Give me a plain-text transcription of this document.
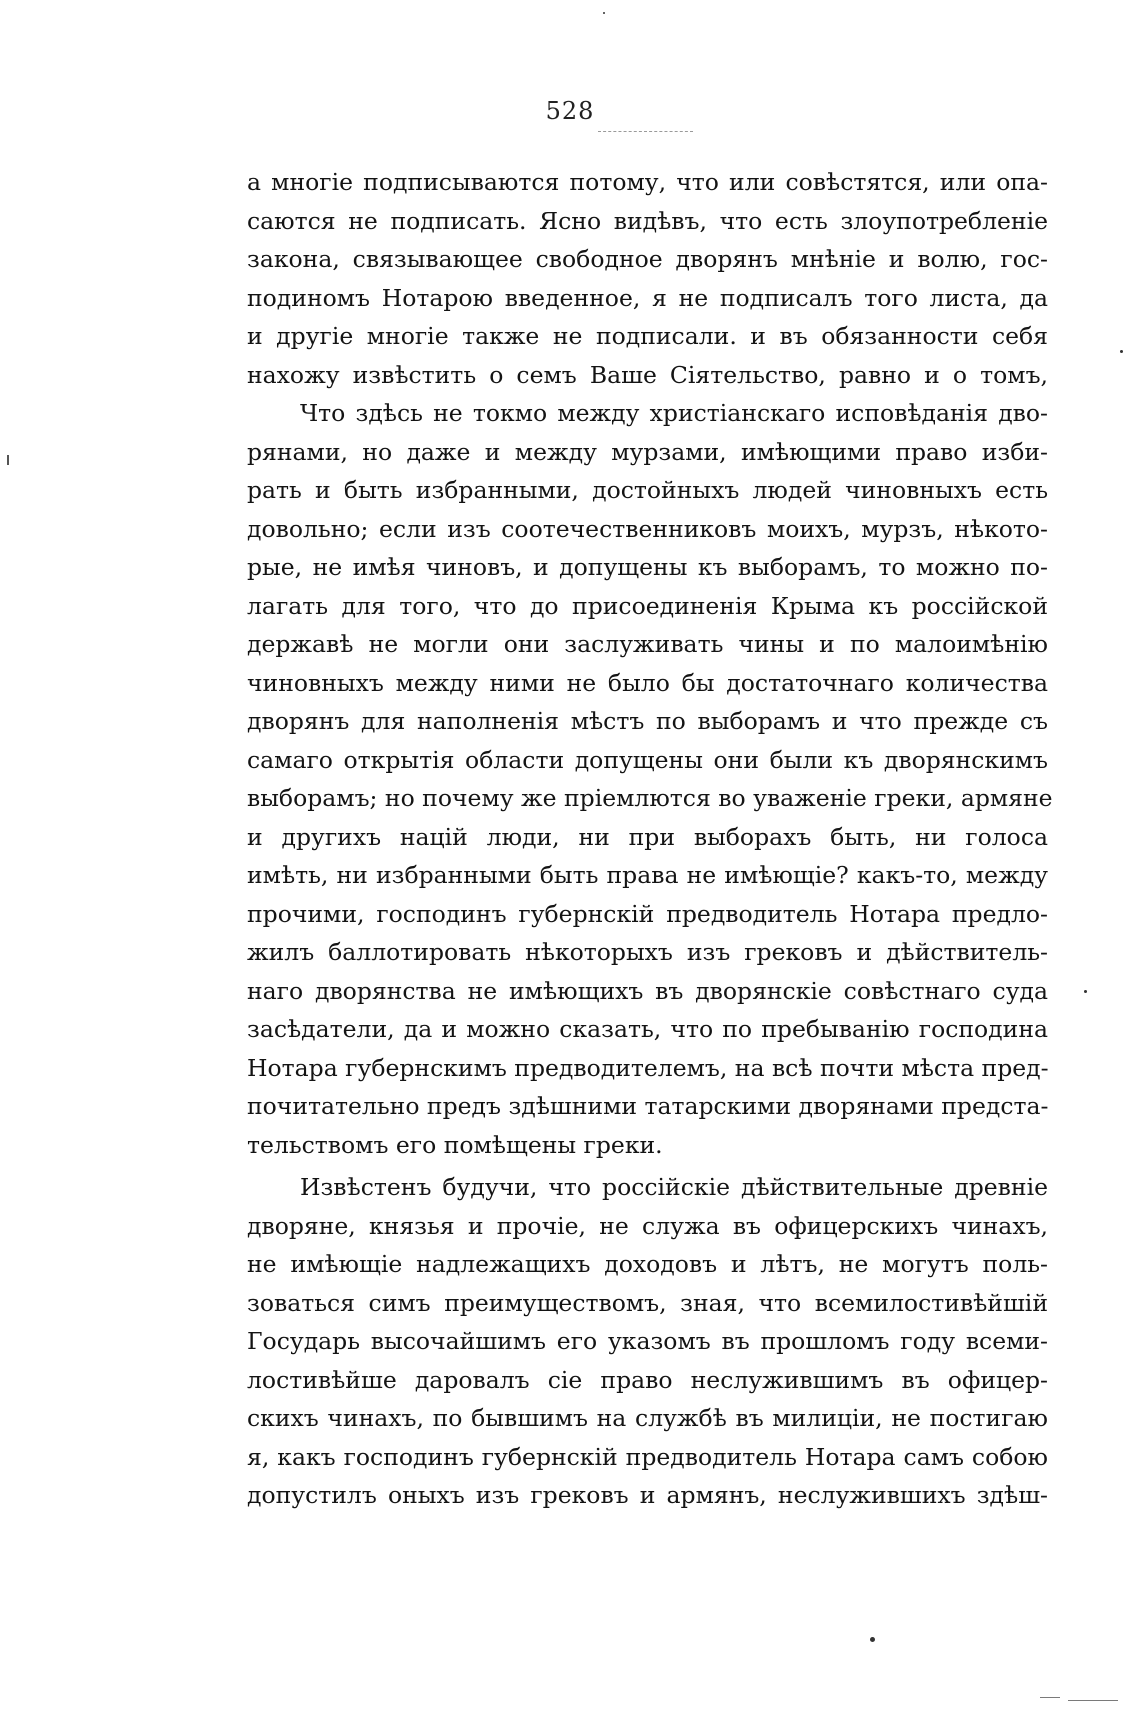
528
а многіе подписываются потому, что или совѣстятся, или опа-
саются не подписать. Ясно видѣвъ, что есть злоупотребленіе
закона, связывающее свободное дворянъ мнѣніе и волю, гос-
подиномъ Нотарою введенное, я не подписалъ того листа, да
и другіе многіе также не подписали. и въ обязанности себя
нахожу извѣстить о семъ Ваше Сіятельство, равно и о томъ,
Что здѣсь не токмо между христіанскаго исповѣданія дво-
рянами, но даже и между мурзами, имѣющими право изби-
рать и быть избранными, достойныхъ людей чиновныхъ есть
довольно; если изъ соотечественниковъ моихъ, мурзъ, нѣкото-
рые, не имѣя чиновъ, и допущены къ выборамъ, то можно по-
лагать для того, что до присоединенія Крыма къ россійской
державѣ не могли они заслуживать чины и по малоимѣнію
чиновныхъ между ними не было бы достаточнаго количества
дворянъ для наполненія мѣстъ по выборамъ и что прежде съ
самаго открытія области допущены они были къ дворянскимъ
выборамъ; но почему же пріемлются во уваженіе греки, армяне
и другихъ націй люди, ни при выборахъ быть, ни голоса
имѣть, ни избранными быть права не имѣющіе? какъ-то, между
прочими, господинъ губернскій предводитель Нотара предло-
жилъ баллотировать нѣкоторыхъ изъ грековъ и дѣйствитель-
наго дворянства не имѣющихъ въ дворянскіе совѣстнаго суда
засѣдатели, да и можно сказать, что по пребыванію господина
Нотара губернскимъ предводителемъ, на всѣ почти мѣста пред-
почитательно предъ здѣшними татарскими дворянами предста-
тельствомъ его помѣщены греки.
Извѣстенъ будучи, что россійскіе дѣйствительные древніе
дворяне, князья и прочіе, не служа въ офицерскихъ чинахъ,
не имѣющіе надлежащихъ доходовъ и лѣтъ, не могутъ поль-
зоваться симъ преимуществомъ, зная, что всемилостивѣйшій
Государь высочайшимъ его указомъ въ прошломъ году всеми-
лостивѣйше даровалъ сіе право неслужившимъ въ офицер-
скихъ чинахъ, по бывшимъ на службѣ въ милиціи, не постигаю
я, какъ господинъ губернскій предводитель Нотара самъ собою
допустилъ оныхъ изъ грековъ и армянъ, неслужившихъ здѣш-
